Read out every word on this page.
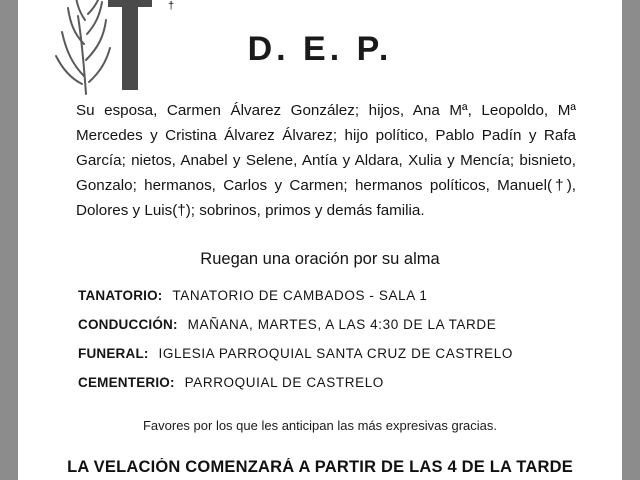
†
D. E. P.
Su esposa, Carmen Álvarez González; hijos, Ana Mª, Leopoldo, Mª Mercedes y Cristina Álvarez Álvarez; hijo político, Pablo Padín y Rafa García; nietos, Anabel y Selene, Antía y Aldara, Xulia y Mencía; bisnieto, Gonzalo; hermanos, Carlos y Carmen; hermanos políticos, Manuel(†), Dolores y Luis(†); sobrinos, primos y demás familia.
Ruegan una oración por su alma
TANATORIO: TANATORIO DE CAMBADOS - SALA 1
CONDUCCIÓN: MAÑANA, MARTES, A LAS 4:30 DE LA TARDE
FUNERAL: IGLESIA PARROQUIAL SANTA CRUZ DE CASTRELO
CEMENTERIO: PARROQUIAL DE CASTRELO
Favores por los que les anticipan las más expresivas gracias.
LA VELACIÓN COMENZARÁ A PARTIR DE LAS 4 DE LA TARDE
